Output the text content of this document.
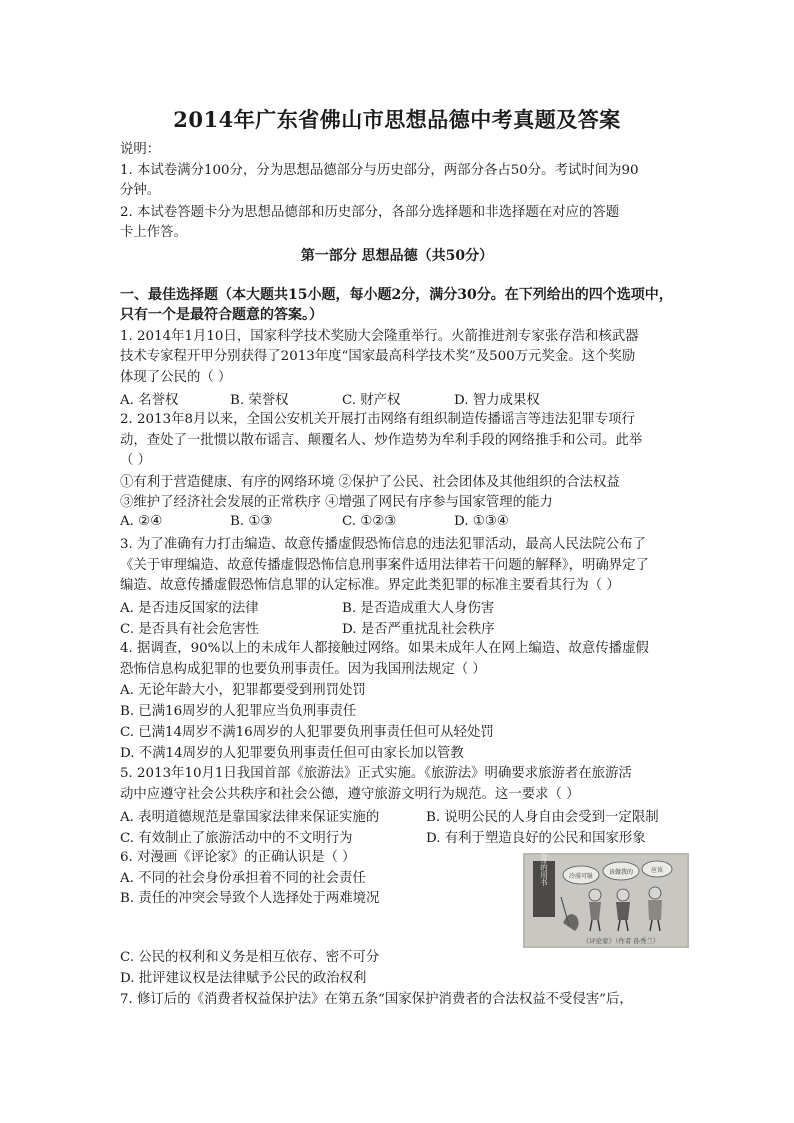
2014年广东省佛山市思想品德中考真题及答案
说明：
1. 本试卷满分100分，分为思想品德部分与历史部分，两部分各占50分。考试时间为90
分钟。
2. 本试卷答题卡分为思想品德部和历史部分，各部分选择题和非选择题在对应的答题
卡上作答。
第一部分 思想品德（共50分）
一、最佳选择题（本大题共15小题，每小题2分，满分30分。在下列给出的四个选项中，
只有一个是最符合题意的答案。）
1. 2014年1月10日，国家科学技术奖励大会隆重举行。火箭推进剂专家张存浩和核武器
技术专家程开甲分别获得了2013年度“国家最高科学技术奖”及500万元奖金。这个奖励
体现了公民的（ ）
A. 名誉权	B. 荣誉权	C. 财产权	D. 智力成果权
2. 2013年8月以来，全国公安机关开展打击网络有组织制造传播谣言等违法犯罪专项行
动，查处了一批惯以散布谣言、颠覆名人、炒作造势为牟利手段的网络推手和公司。此举
（ ）
①有利于营造健康、有序的网络环境 ②保护了公民、社会团体及其他组织的合法权益
③维护了经济社会发展的正常秩序 ④增强了网民有序参与国家管理的能力
A. ②④	B. ①③	C. ①②③	D. ①③④
3. 为了准确有力打击编造、故意传播虚假恐怖信息的违法犯罪活动，最高人民法院公布了
《关于审理编造、故意传播虚假恐怖信息刑事案件适用法律若干问题的解释》，明确界定了
编造、故意传播虚假恐怖信息罪的认定标准。界定此类犯罪的标准主要看其行为（ ）
A. 是否违反国家的法律	B. 是否造成重大人身伤害
C. 是否具有社会危害性	D. 是否严重扰乱社会秩序
4. 据调查，90%以上的未成年人都接触过网络。如果未成年人在网上编造、故意传播虚假
恐怖信息构成犯罪的也要负刑事责任。因为我国刑法规定（ ）
A. 无论年龄大小，犯罪都要受到刑罚处罚
B. 已满16周岁的人犯罪应当负刑事责任
C. 已满14周岁不满16周岁的人犯罪要负刑事责任但可从轻处罚
D. 不满14周岁的人犯罪要负刑事责任但可由家长加以管教
5. 2013年10月1日我国首部《旅游法》正式实施。《旅游法》明确要求旅游者在旅游活
动中应遵守社会公共秩序和社会公德，遵守旅游文明行为规范。这一要求（ ）
A. 表明道德规范是靠国家法律来保证实施的	B. 说明公民的人身自由会受到一定限制
C. 有效制止了旅游活动中的不文明行为	D. 有利于塑造良好的公民和国家形象
6. 对漫画《评论家》的正确认识是（ ）
A. 不同的社会身份承担着不同的社会责任
B. 责任的冲突会导致个人选择处于两难境况
C. 公民的权利和义务是相互依存、密不可分
D. 批评建议权是法律赋予公民的政治权利
7. 修订后的《消费者权益保护法》在第五条“国家保护消费者的合法权益不受侵害”后，
道哥的用书	冷漠可耻
该做我的	应该
《评论家》（作者 孙秀兰）
